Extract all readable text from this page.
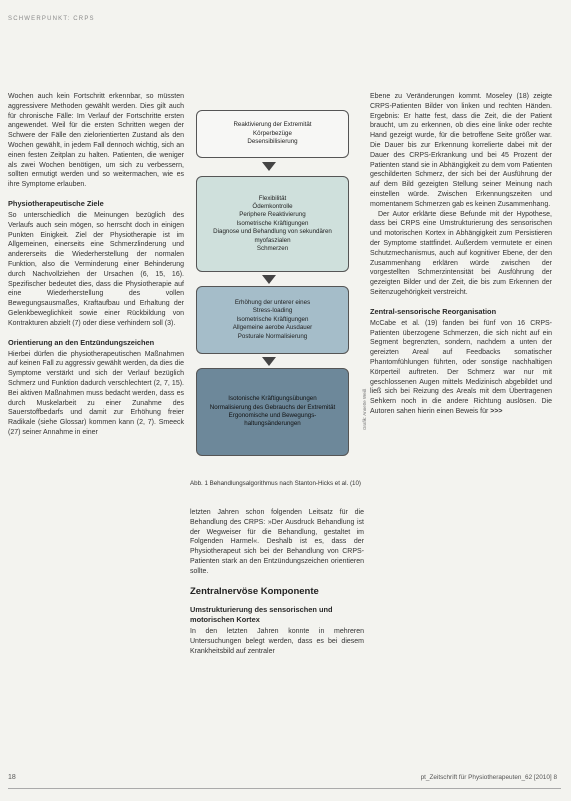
SCHWERPUNKT: CRPS

Wochen auch kein Fortschritt erkennbar, so müssten aggressivere Methoden gewählt werden. Dies gilt auch für chronische Fälle: Im Verlauf der Fortschritte ersten angewendet. Weil für die ersten Schritten wegen der Schwere der Fälle den zielorientierten Zustand als den Wochen gewählt, in jedem Fall dennoch wichtig, sich an einen festen Zeitplan zu halten. Patienten, die weniger als zwei Wochen benötigen, um sich zu verbessern, sollten ermutigt werden und so weitermachen, wie es ihre Symptome erlauben.

Physiotherapeutische Ziele

So unterschiedlich die Meinungen bezüglich des Verlaufs auch sein mögen, so herrscht doch in einigen Punkten Einigkeit. Ziel der Physiotherapie ist im Allgemeinen, einerseits eine Schmerzlinderung und andererseits die Wiederherstellung der normalen Funktion, also die Verminderung einer Behinderung durch Nachvollziehen der Ursachen (6, 15, 16). Spezifischer bedeutet dies, dass die Physiotherapie auf eine Wiederherstellung des vollen Bewegungsausmaßes, Kraftaufbau und Erhaltung der Gelenkbeweglichkeit sowie einer Rückbildung von Kontrakturen abzielt (7) oder diese verhindern soll (3).

Orientierung an den Entzündungszeichen

Hierbei dürfen die physiotherapeutischen Maßnahmen auf keinen Fall zu aggressiv gewählt werden, da dies die Symptome verstärkt und sich der Verlauf bezüglich Schmerz und Funktion dadurch verschlechtert (2, 7, 15). Bei aktiven Maßnahmen muss bedacht werden, dass es durch Muskelarbeit zu einer Zunahme des Sauerstoffbedarfs und damit zur Erhöhung freier Radikale (siehe Glossar) kommen kann (2, 7). Smeeck (27) seiner Annahme in einer

Reaktivierung der Extremität
Körperbezüge
Desensibilisierung
Flexibilität
Ödemkontrolle
Periphere Reaktivierung
Isometrische Kräftigungen
Diagnose und Behandlung von sekundären myofaszialen
Schmerzen
Erhöhung der unterer eines
Stress-loading
Isometrische Kräftigungen
Allgemeine aerobe Ausdauer
Posturale Normalisierung
Isotonische Kräftigungsübungen
Normalisierung des Gebrauchs der Extremität
Ergonomische und Bewegungs-
haltungsänderungen	Grafik: Annette Weiß
Abb. 1 Behandlungsalgorithmus nach Stanton-Hicks et al. (10)

letzten Jahren schon folgenden Leitsatz für die Behandlung des CRPS: »Der Ausdruck Behandlung ist der Wegweiser für die Behandlung, gestaltet im Folgenden Harmel«. Deshalb ist es, dass der Physiotherapeut sich bei der Behandlung von CRPS-Patienten stark an den Entzündungszeichen orientieren sollte.

Zentralnervöse Komponente
Umstrukturierung des sensorischen und motorischen Kortex

In den letzten Jahren konnte in mehreren Untersuchungen belegt werden, dass es bei diesem Krankheitsbild auf zentraler

Ebene zu Veränderungen kommt. Moseley (18) zeigte CRPS-Patienten Bilder von linken und rechten Händen. Ergebnis: Er hatte fest, dass die Zeit, die der Patient braucht, um zu erkennen, ob dies eine linke oder rechte Hand gezeigt wurde, für die betroffene Seite größer war. Die Dauer bis zur Erkennung korrelierte dabei mit der Dauer des CRPS-Erkrankung und bei 45 Prozent der Patienten stand sie in Abhängigkeit zu dem vom Patienten geschilderten Schmerz, der sich bei der Ausführung der auf dem Bild gezeigten Stellung seiner Meinung nach einstellen würde. Zwischen Erkennungszeiten und momentanem Schmerzen gab es keinen Zusammenhang.

Der Autor erklärte diese Befunde mit der Hypothese, dass bei CRPS eine Umstrukturierung des sensorischen und motorischen Kortex in Abhängigkeit zum Persistieren der Symptome stattfindet. Außerdem vermutete er einen Schutzmechanismus, auch auf kognitiver Ebene, der den Zusammenhang erklären würde zwischen der vorgestellten Schmerzintensität bei Ausführung der gezeigten Bilder und der Zeit, die bis zum Erkennen der Seitenzugehörigkeit verstreicht.

Zentral-sensorische Reorganisation

McCabe et al. (19) fanden bei fünf von 16 CRPS-Patienten überzogene Schmerzen, die sich nicht auf ein Segment begrenzten, sondern, nachdem a unten der gereizten Areal auf Feedbacks somatischer Phantomfühlungen führten, oder sonstige nachhaltigen Körperteil auftreten. Der Schmerz war nur mit geschlossenen Augen mittels Medizinisch abgebildet und ließ sich bei Reizung des Areals mit dem Übertragenen Sehkern noch in die andere Richtung auslösen. Die Autoren sahen hierin einen Beweis für >>>

18	pt_Zeitschrift für Physiotherapeuten_62 [2010] 8
